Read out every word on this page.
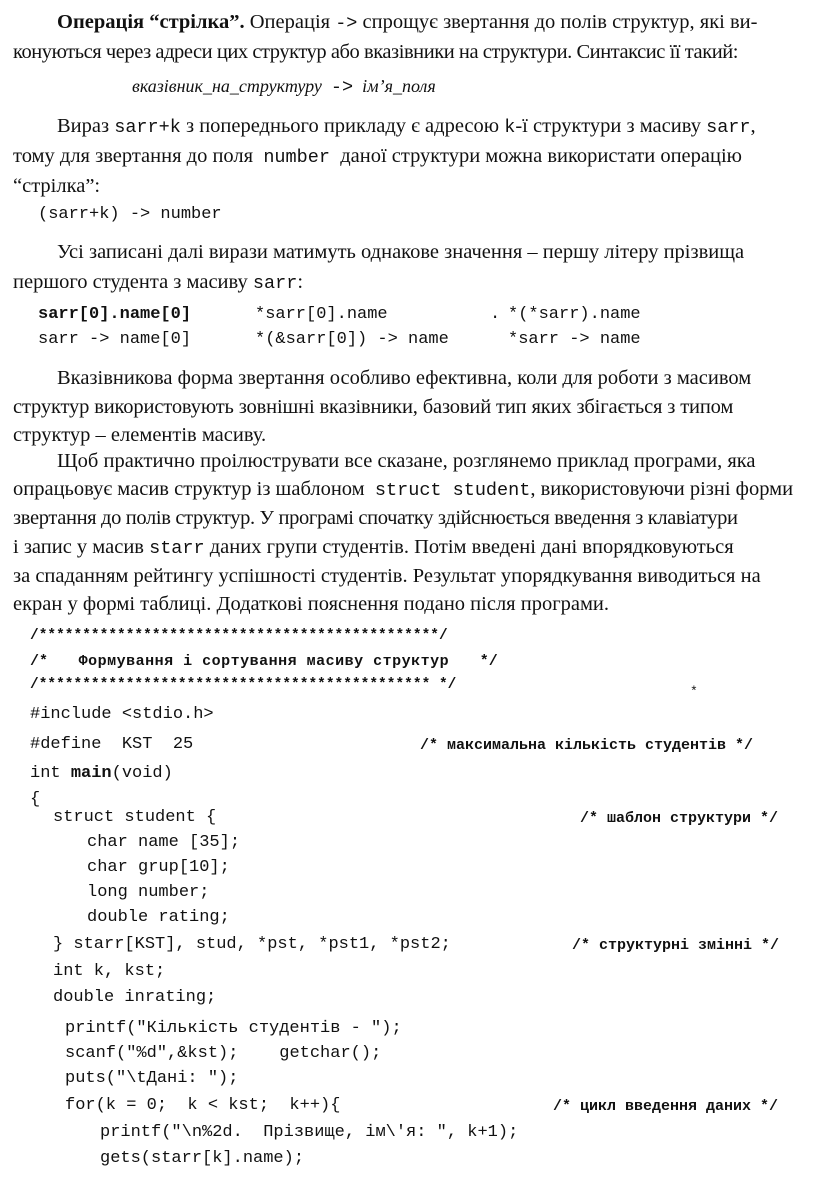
Операція “стрілка”. Операція -> спрощує звертання до полів структур, які ви-
конуються через адреси цих структур або вказівники на структури. Синтаксис її такий:
вказівник_на_структуру -> ім’я_поля
Вираз sarr+k з попереднього прикладу є адресою k-ї структури з масиву sarr,
тому для звертання до поля number даної структури можна використати операцію
“стрілка”:
(sarr+k) -> number
Усі записані далі вирази матимуть однакове значення – першу літеру прізвища
першого студента з масиву sarr:
sarr[0].name[0]	*sarr[0].name	. *(*sarr).name
sarr -> name[0]	*(&sarr[0]) -> name	*sarr -> name
Вказівникова форма звертання особливо ефективна, коли для роботи з масивом
структур використовують зовнішні вказівники, базовий тип яких збігається з типом
структур – елементів масиву.
Щоб практично проілюструвати все сказане, розглянемо приклад програми, яка
опрацьовує масив структур із шаблоном struct student, використовуючи різні форми
звертання до полів структур. У програмі спочатку здійснюється введення з клавіатури
і запис у масив starr даних групи студентів. Потім введені дані впорядковуються
за спаданням рейтингу успішності студентів. Результат упорядкування виводиться на
екран у формі таблиці. Додаткові пояснення подано після програми.
/**********************************************/
/* Формування і сортування масиву структур */
/********************************************* */	*
#include <stdio.h>
#define  KST  25	/* максимальна кількість студентів */
int main(void)
{
struct student {	/* шаблон структури */
char name [35];
char grup[10];
long number;
double rating;
} starr[KST], stud, *pst, *pst1, *pst2;	/* структурні змінні */
int k, kst;
double inrating;
printf("Кількість студентів - ");
scanf("%d",&kst); getchar();
puts("\tДані: ");
for(k = 0;  k < kst;  k++){	/* цикл введення даних */
printf("\n%2d.  Прізвище, ім\'я: ", k+1);
gets(starr[k].name);
